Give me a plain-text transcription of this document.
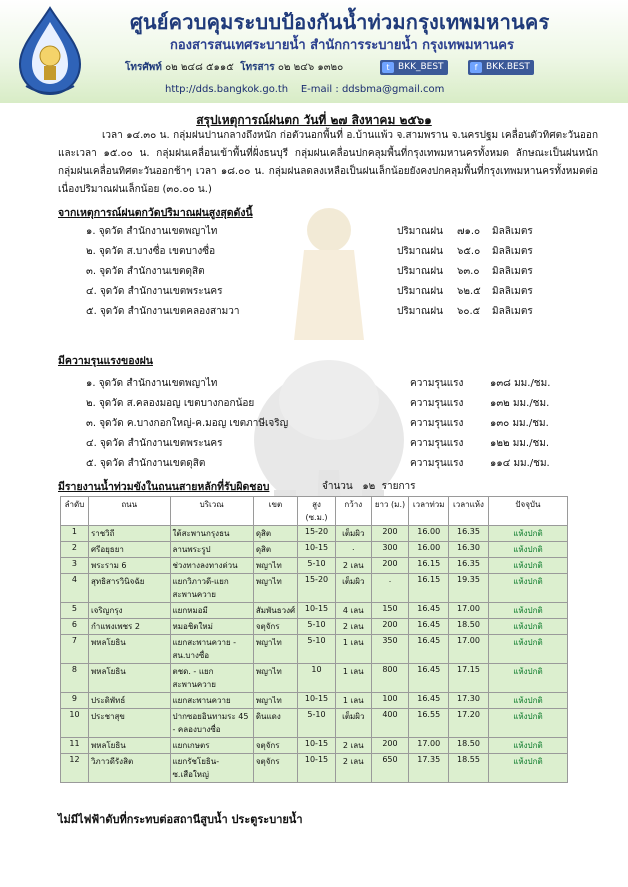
ศูนย์ควบคุมระบบป้องกันน้ำท่วมกรุงเทพมหานคร
กองสารสนเทศระบายน้ำ สำนักการระบายน้ำ กรุงเทพมหานคร
โทรศัพท์ ๐๒ ๒๔๘ ๕๑๑๕ โทรสาร ๐๒ ๒๔๖ ๑๓๒๐	t BKK_BEST	f BKK.BEST
http://dds.bangkok.go.th E-mail : ddsbma@gmail.com
สรุปเหตุการณ์ฝนตก วันที่ ๒๗ สิงหาคม ๒๕๖๑
เวลา ๑๔.๓๐ น. กลุ่มฝนปานกลางถึงหนัก ก่อตัวนอกพื้นที่ อ.บ้านแพ้ว จ.สามพราน จ.นครปฐม เคลื่อนตัวทิศตะวันออก และเวลา ๑๕.๐๐ น. กลุ่มฝนเคลื่อนเข้าพื้นที่ฝั่งธนบุรี กลุ่มฝนเคลื่อนปกคลุมพื้นที่กรุงเทพมหานครทั้งหมด ลักษณะเป็นฝนหนัก กลุ่มฝนเคลื่อนทิศตะวันออกช้าๆ เวลา ๑๘.๐๐ น. กลุ่มฝนลดลงเหลือเป็นฝนเล็กน้อยยังคงปกคลุมพื้นที่กรุงเทพมหานครทั้งหมดต่อเนื่องปริมาณฝนเล็กน้อย (๓๐.๐๐ น.)
จากเหตุการณ์ฝนตกวัดปริมาณฝนสูงสุดดังนี้
๑. จุดวัด สำนักงานเขตพญาไท	ปริมาณฝน ๗๑.๐ มิลลิเมตร
๒. จุดวัด ส.บางซื่อ เขตบางซื่อ	ปริมาณฝน ๖๕.๐ มิลลิเมตร
๓. จุดวัด สำนักงานเขตดุสิต	ปริมาณฝน ๖๓.๐ มิลลิเมตร
๔. จุดวัด สำนักงานเขตพระนคร	ปริมาณฝน ๖๒.๕ มิลลิเมตร
๕. จุดวัด สำนักงานเขตคลองสามวา	ปริมาณฝน ๖๐.๕ มิลลิเมตร
มีความรุนแรงของฝน
๑. จุดวัด สำนักงานเขตพญาไท	ความรุนแรง	๑๓๘ มม./ชม.
๒. จุดวัด ส.คลองมอญ เขตบางกอกน้อย	ความรุนแรง	๑๓๒ มม./ชม.
๓. จุดวัด ค.บางกอกใหญ่-ค.มอญ เขตภาษีเจริญ	ความรุนแรง	๑๓๐ มม./ชม.
๔. จุดวัด สำนักงานเขตพระนคร	ความรุนแรง	๑๒๒ มม./ชม.
๕. จุดวัด สำนักงานเขตดุสิต	ความรุนแรง	๑๑๔ มม./ชม.
มีรายงานน้ำท่วมขังในถนนสายหลักที่รับผิดชอบ	จำนวน ๑๒ รายการ
ลำดับ	ถนน	บริเวณ	เขต	สูง (ซ.ม.)	กว้าง	ยาว (ม.)	เวลาท่วม	เวลาแห้ง	ปัจจุบัน
1	ราชวิถี	ใต้สะพานกรุงธน	ดุสิต	15-20	เต็มผิว	200	16.00	16.35	แห้งปกติ
2	ศรีอยุธยา	ลานพระรูป	ดุสิต	10-15	.	300	16.00	16.30	แห้งปกติ
3	พระราม 6	ช่วงทางลงทางด่วน	พญาไท	5-10	2 เลน	200	16.15	16.35	แห้งปกติ
4	สุทธิสารวินิจฉัย	แยกวิภาวดี-แยกสะพานควาย	พญาไท	15-20	เต็มผิว	.	16.15	19.35	แห้งปกติ
5	เจริญกรุง	แยกหมอมี	สัมพันธวงศ์	10-15	4 เลน	150	16.45	17.00	แห้งปกติ
6	กำแพงเพชร 2	หมอชิตใหม่	จตุจักร	5-10	2 เลน	200	16.45	18.50	แห้งปกติ
7	พหลโยธิน	แยกสะพานควาย - สน.บางซื่อ	พญาไท	5-10	1 เลน	350	16.45	17.00	แห้งปกติ
8	พหลโยธิน	ตชด. - แยกสะพานควาย	พญาไท	10	1 เลน	800	16.45	17.15	แห้งปกติ
9	ประดิพัทธ์	แยกสะพานควาย	พญาไท	10-15	1 เลน	100	16.45	17.30	แห้งปกติ
10	ประชาสุข	ปากซอยอินทามระ 45 - คลองบางซื่อ	ดินแดง	5-10	เต็มผิว	400	16.55	17.20	แห้งปกติ
11	พหลโยธิน	แยกเกษตร	จตุจักร	10-15	2 เลน	200	17.00	18.50	แห้งปกติ
12	วิภาวดีรังสิต	แยกรัชโยธิน- ซ.เสือใหญ่	จตุจักร	10-15	2 เลน	650	17.35	18.55	แห้งปกติ
ไม่มีไฟฟ้าดับที่กระทบต่อสถานีสูบน้ำ ประตูระบายน้ำ
